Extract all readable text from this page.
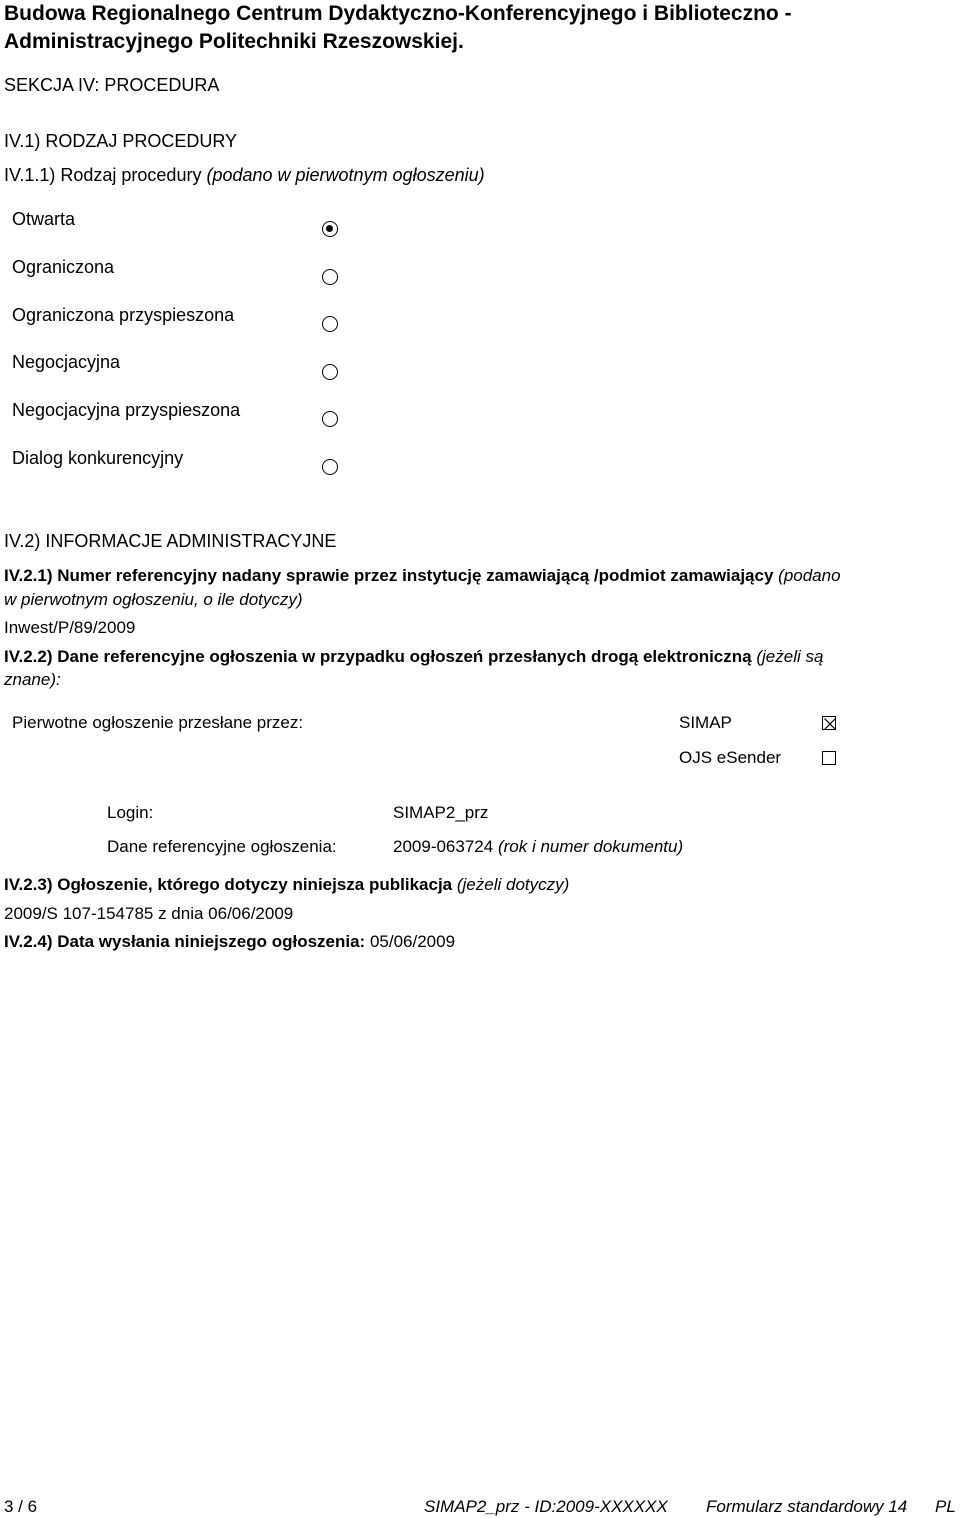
Budowa Regionalnego Centrum Dydaktyczno-Konferencyjnego i Biblioteczno -
Administracyjnego Politechniki Rzeszowskiej.
SEKCJA IV: PROCEDURA
IV.1) RODZAJ PROCEDURY
IV.1.1) Rodzaj procedury (podano w pierwotnym ogłoszeniu)
Otwarta
Ograniczona
Ograniczona przyspieszona
Negocjacyjna
Negocjacyjna przyspieszona
Dialog konkurencyjny
IV.2) INFORMACJE ADMINISTRACYJNE
IV.2.1) Numer referencyjny nadany sprawie przez instytucję zamawiającą /podmiot zamawiający (podano
w pierwotnym ogłoszeniu, o ile dotyczy)
Inwest/P/89/2009
IV.2.2) Dane referencyjne ogłoszenia w przypadku ogłoszeń przesłanych drogą elektroniczną (jeżeli są
znane):
Pierwotne ogłoszenie przesłane przez:	SIMAP
OJS eSender
Login:	SIMAP2_prz
Dane referencyjne ogłoszenia:	2009-063724 (rok i numer dokumentu)
IV.2.3) Ogłoszenie, którego dotyczy niniejsza publikacja (jeżeli dotyczy)
2009/S 107-154785 z dnia 06/06/2009
IV.2.4) Data wysłania niniejszego ogłoszenia: 05/06/2009
3 / 6	SIMAP2_prz - ID:2009-XXXXXX Formularz standardowy 14 PL
